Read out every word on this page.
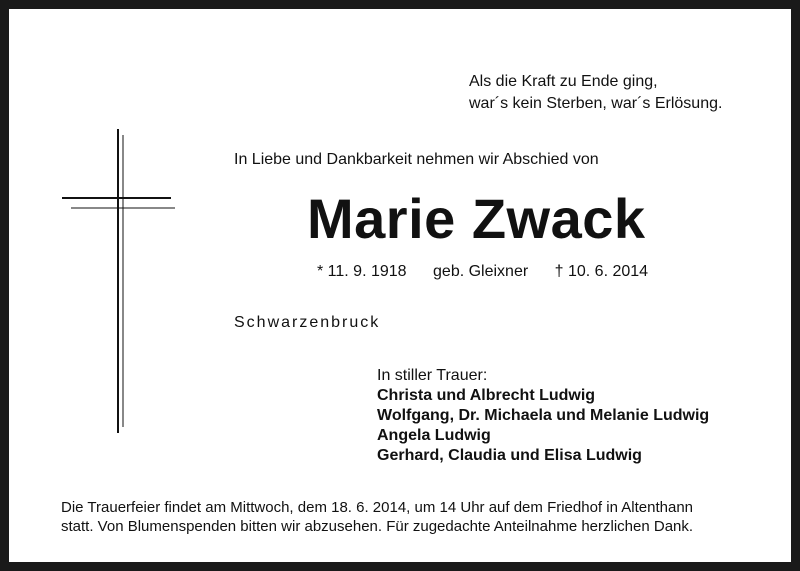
Als die Kraft zu Ende ging,
war´s kein Sterben, war´s Erlösung.
In Liebe und Dankbarkeit nehmen wir Abschied von
Marie Zwack
* 11. 9. 1918 geb. Gleixner † 10. 6. 2014
Schwarzenbruck
In stiller Trauer:
Christa und Albrecht Ludwig
Wolfgang, Dr. Michaela und Melanie Ludwig
Angela Ludwig
Gerhard, Claudia und Elisa Ludwig
Die Trauerfeier findet am Mittwoch, dem 18. 6. 2014, um 14 Uhr auf dem Friedhof in Altenthann
statt. Von Blumenspenden bitten wir abzusehen. Für zugedachte Anteilnahme herzlichen Dank.
